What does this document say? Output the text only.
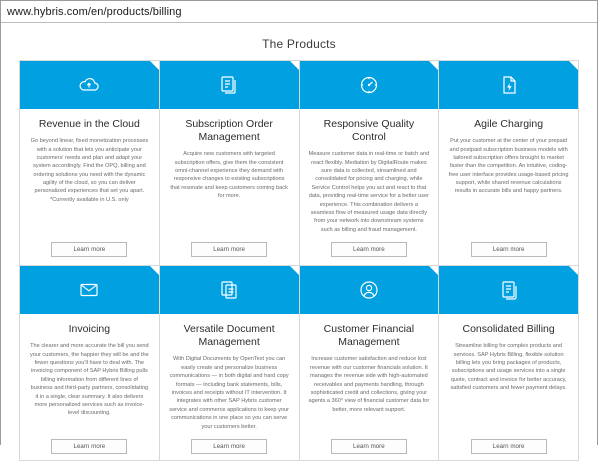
www.hybris.com/en/products/billing
The Products
Revenue in the Cloud
Go beyond linear, fixed monetization processes with a solution that lets you anticipate your customers' needs and plan and adapt your system accordingly. Find the OPQ, billing and ordering solutions you need with the dynamic agility of the cloud, so you can deliver personalized experiences that set you apart. *Currently available in U.S. only
Learn more
Subscription Order Management
Acquire new customers with targeted subscription offers, give them the consistent omni-channel experience they demand with responsive changes to existing subscriptions that resonate and keep customers coming back for more.
Learn more
Responsive Quality Control
Measure customer data in real-time or batch and react flexibly. Mediation by DigitalRoute makes sure data is collected, streamlined and consolidated for pricing and charging, while Service Control helps you act and react to that data, providing real-time service for a better user experience. This combination delivers a seamless flow of measured usage data directly from your network into downstream systems such as billing and fraud management.
Learn more
Agile Charging
Put your customer at the center of your prepaid and postpaid subscription business models with tailored subscription offers brought to market faster than the competition. An intuitive, coding-free user interface provides usage-based pricing support, while shared revenue calculations results in accurate bills and happy partners.
Learn more
Invoicing
The clearer and more accurate the bill you send your customers, the happier they will be and the fewer questions you'll have to deal with. The invoicing component of SAP Hybris Billing pulls billing information from different lines of business and third-party partners, consolidating it in a single, clear summary. It also delivers more personalized services such as invoice-level discounting.
Learn more
Versatile Document Management
With Digital Documents by OpenText you can easily create and personalize business communications — in both digital and hard copy formats — including bank statements, bills, invoices and receipts without IT intervention. It integrates with other SAP Hybris customer service and commerce applications to keep your communications in one place so you can serve your customers better.
Learn more
Customer Financial Management
Increase customer satisfaction and reduce lost revenue with our customer financials solution. It manages the revenue side with high-automated receivables and payments handling, through sophisticated credit and collections, giving your agents a 360° view of financial customer data for better, more relevant support.
Learn more
Consolidated Billing
Streamline billing for complex products and services. SAP Hybris Billing, flexible solution billing lets you bring packages of products, subscriptions and usage services into a single quote, contract and invoice for better accuracy, satisfied customers and fewer payment delays.
Learn more
